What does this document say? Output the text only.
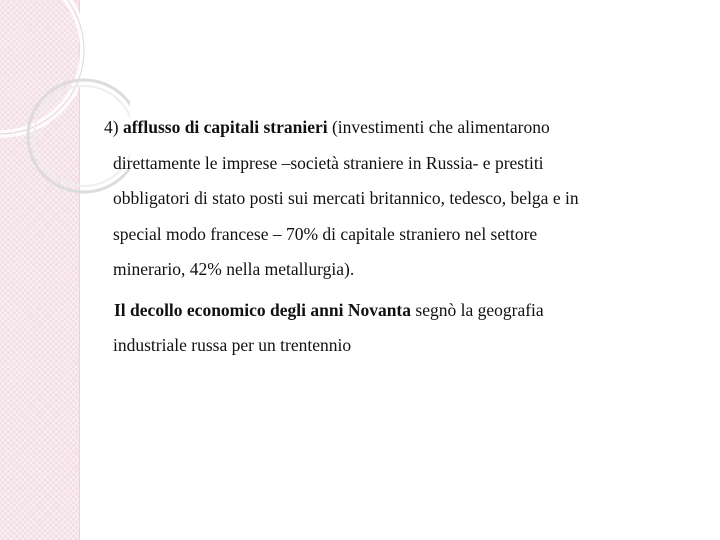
4) afflusso di capitali stranieri (investimenti che alimentarono
direttamente le imprese –società straniere in Russia- e prestiti
obbligatori di stato posti sui mercati britannico, tedesco, belga e in
special modo francese – 70% di capitale straniero nel settore
minerario, 42% nella metallurgia).

Il decollo economico degli anni Novanta segnò la geografia
industriale russa per un trentennio
